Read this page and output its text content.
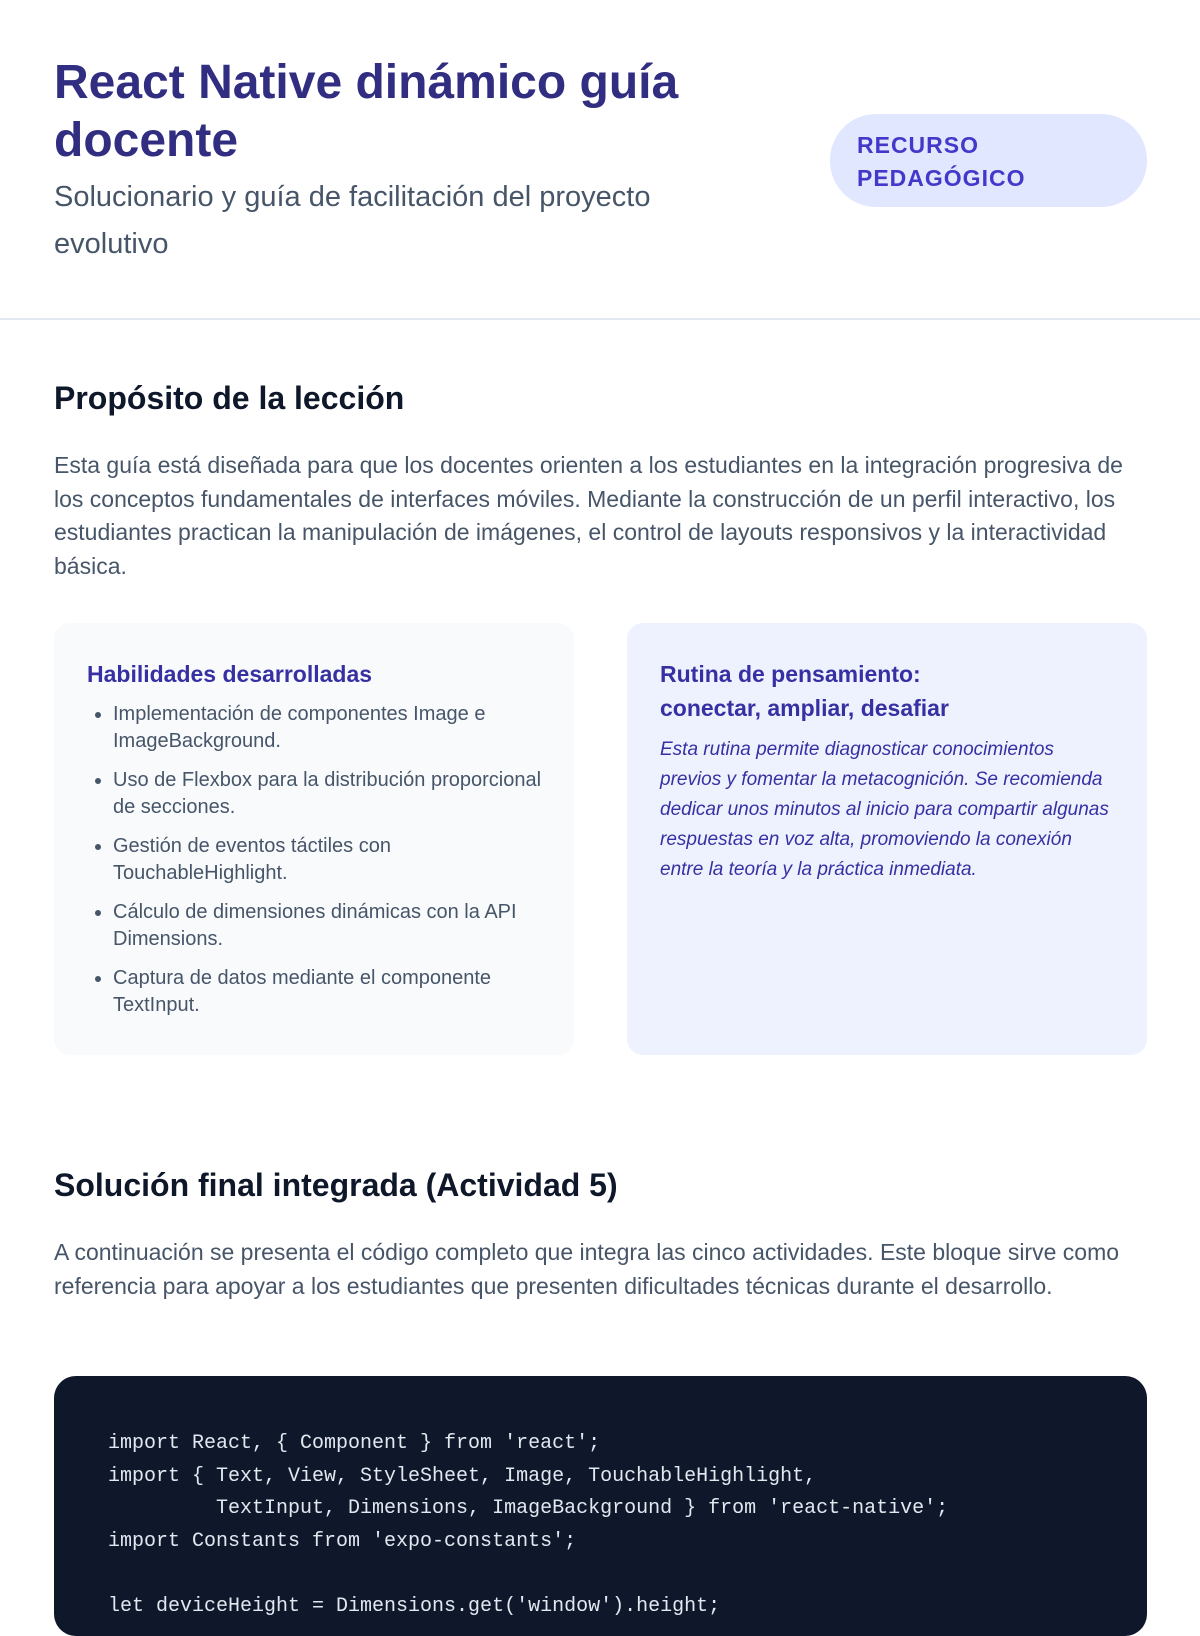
React Native dinámico guía docente

Solucionario y guía de facilitación del proyecto evolutivo

RECURSO PEDAGÓGICO
Propósito de la lección

Esta guía está diseñada para que los docentes orienten a los estudiantes en la integración progresiva de los conceptos fundamentales de interfaces móviles. Mediante la construcción de un perfil interactivo, los estudiantes practican la manipulación de imágenes, el control de layouts responsivos y la interactividad básica.

Habilidades desarrolladas
• Implementación de componentes Image e ImageBackground.
• Uso de Flexbox para la distribución proporcional de secciones.
• Gestión de eventos táctiles con TouchableHighlight.
• Cálculo de dimensiones dinámicas con la API Dimensions.
• Captura de datos mediante el componente TextInput.
Rutina de pensamiento:
conectar, ampliar, desafiar

Esta rutina permite diagnosticar conocimientos previos y fomentar la metacognición. Se recomienda dedicar unos minutos al inicio para compartir algunas respuestas en voz alta, promoviendo la conexión entre la teoría y la práctica inmediata.

Solución final integrada (Actividad 5)

A continuación se presenta el código completo que integra las cinco actividades. Este bloque sirve como referencia para apoyar a los estudiantes que presenten dificultades técnicas durante el desarrollo.

import React, { Component } from 'react';
import { Text, View, StyleSheet, Image, TouchableHighlight,
TextInput, Dimensions, ImageBackground } from 'react-native';
import Constants from 'expo-constants';

let deviceHeight = Dimensions.get('window').height;
